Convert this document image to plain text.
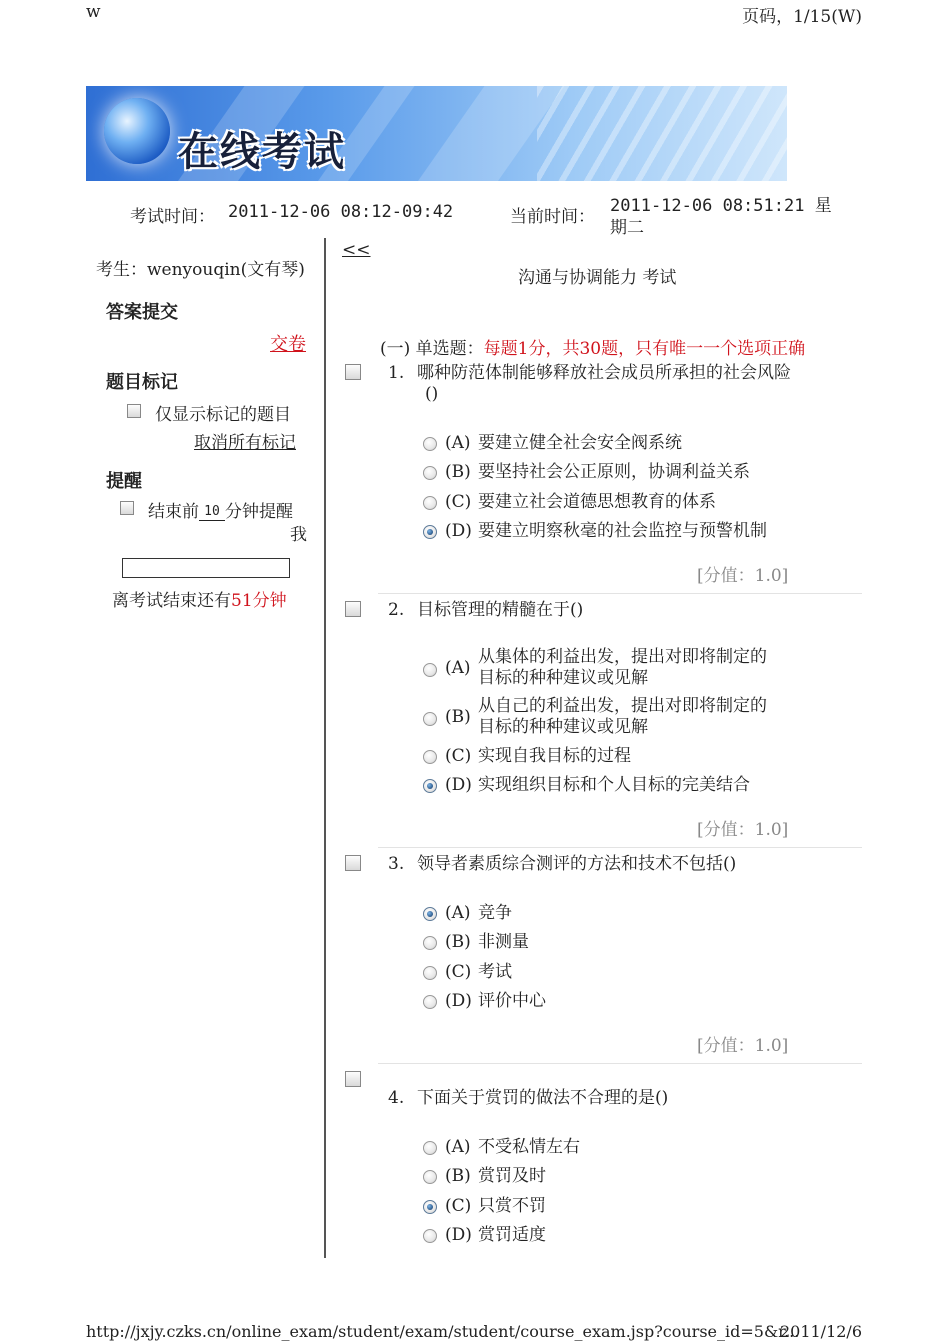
w	页码，1/15(W)
在线考试
考试时间： 2011-12-06 08:12-09:42	当前时间：
2011-12-06 08:51:21 星
期二
考生：wenyouqin(文有琴)
答案提交
交卷
题目标记
仅显示标记的题目
取消所有标记
提醒
结束前 10 分钟提醒
我
离考试结束还有51分钟
<<
沟通与协调能力 考试
(一) 单选题：每题1分，共30题，只有唯一一个选项正确
1. 哪种防范体制能够释放社会成员所承担的社会风险
()
(A) 要建立健全社会安全阀系统
(B) 要坚持社会公正原则，协调利益关系
(C) 要建立社会道德思想教育的体系
(D) 要建立明察秋毫的社会监控与预警机制
[分值：1.0]
2. 目标管理的精髓在于()
(A)
从集体的利益出发，提出对即将制定的
目标的种种建议或见解
(B)
从自己的利益出发，提出对即将制定的
目标的种种建议或见解
(C) 实现自我目标的过程
(D) 实现组织目标和个人目标的完美结合
[分值：1.0]
3. 领导者素质综合测评的方法和技术不包括()
(A) 竞争
(B) 非测量
(C) 考试
(D) 评价中心
[分值：1.0]
4. 下面关于赏罚的做法不合理的是()
(A) 不受私情左右
(B) 赏罚及时
(C) 只赏不罚
(D) 赏罚适度
http://jxjy.czks.cn/online_exam/student/exam/student/course_exam.jsp?course_id=5&r...
2011/12/6
